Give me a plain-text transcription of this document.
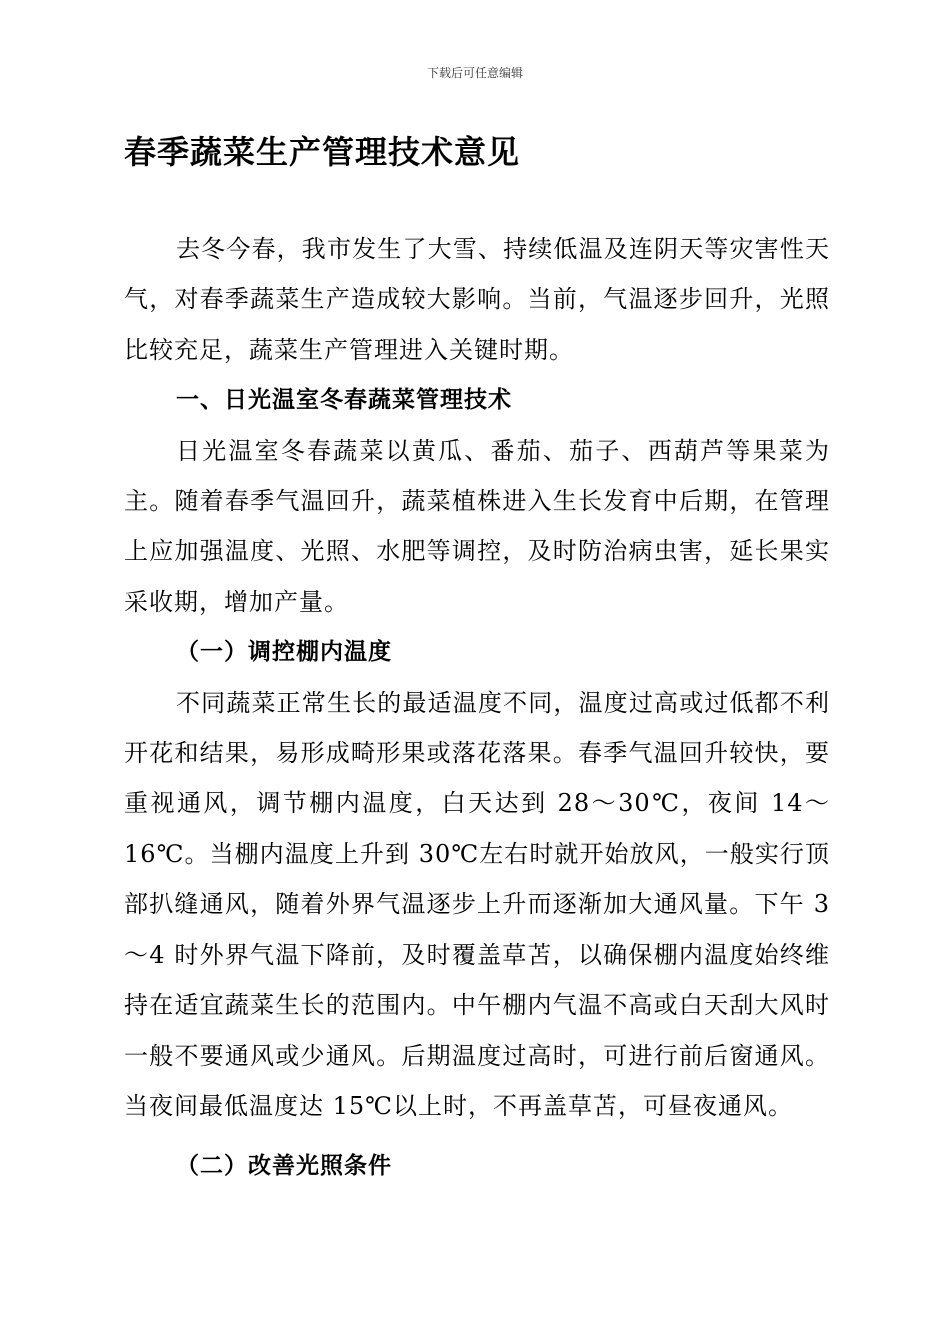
下载后可任意编辑
春季蔬菜生产管理技术意见

去冬今春，我市发生了大雪、持续低温及连阴天等灾害性天气，对春季蔬菜生产造成较大影响。当前，气温逐步回升，光照比较充足，蔬菜生产管理进入关键时期。

一、日光温室冬春蔬菜管理技术

日光温室冬春蔬菜以黄瓜、番茄、茄子、西葫芦等果菜为主。随着春季气温回升，蔬菜植株进入生长发育中后期，在管理上应加强温度、光照、水肥等调控，及时防治病虫害，延长果实采收期，增加产量。

（一）调控棚内温度

不同蔬菜正常生长的最适温度不同，温度过高或过低都不利开花和结果，易形成畸形果或落花落果。春季气温回升较快，要重视通风，调节棚内温度，白天达到 28～30℃，夜间 14～16℃。当棚内温度上升到 30℃左右时就开始放风，一般实行顶部扒缝通风，随着外界气温逐步上升而逐渐加大通风量。下午 3～4 时外界气温下降前，及时覆盖草苫，以确保棚内温度始终维持在适宜蔬菜生长的范围内。中午棚内气温不高或白天刮大风时一般不要通风或少通风。后期温度过高时，可进行前后窗通风。当夜间最低温度达 15℃以上时，不再盖草苫，可昼夜通风。

（二）改善光照条件
